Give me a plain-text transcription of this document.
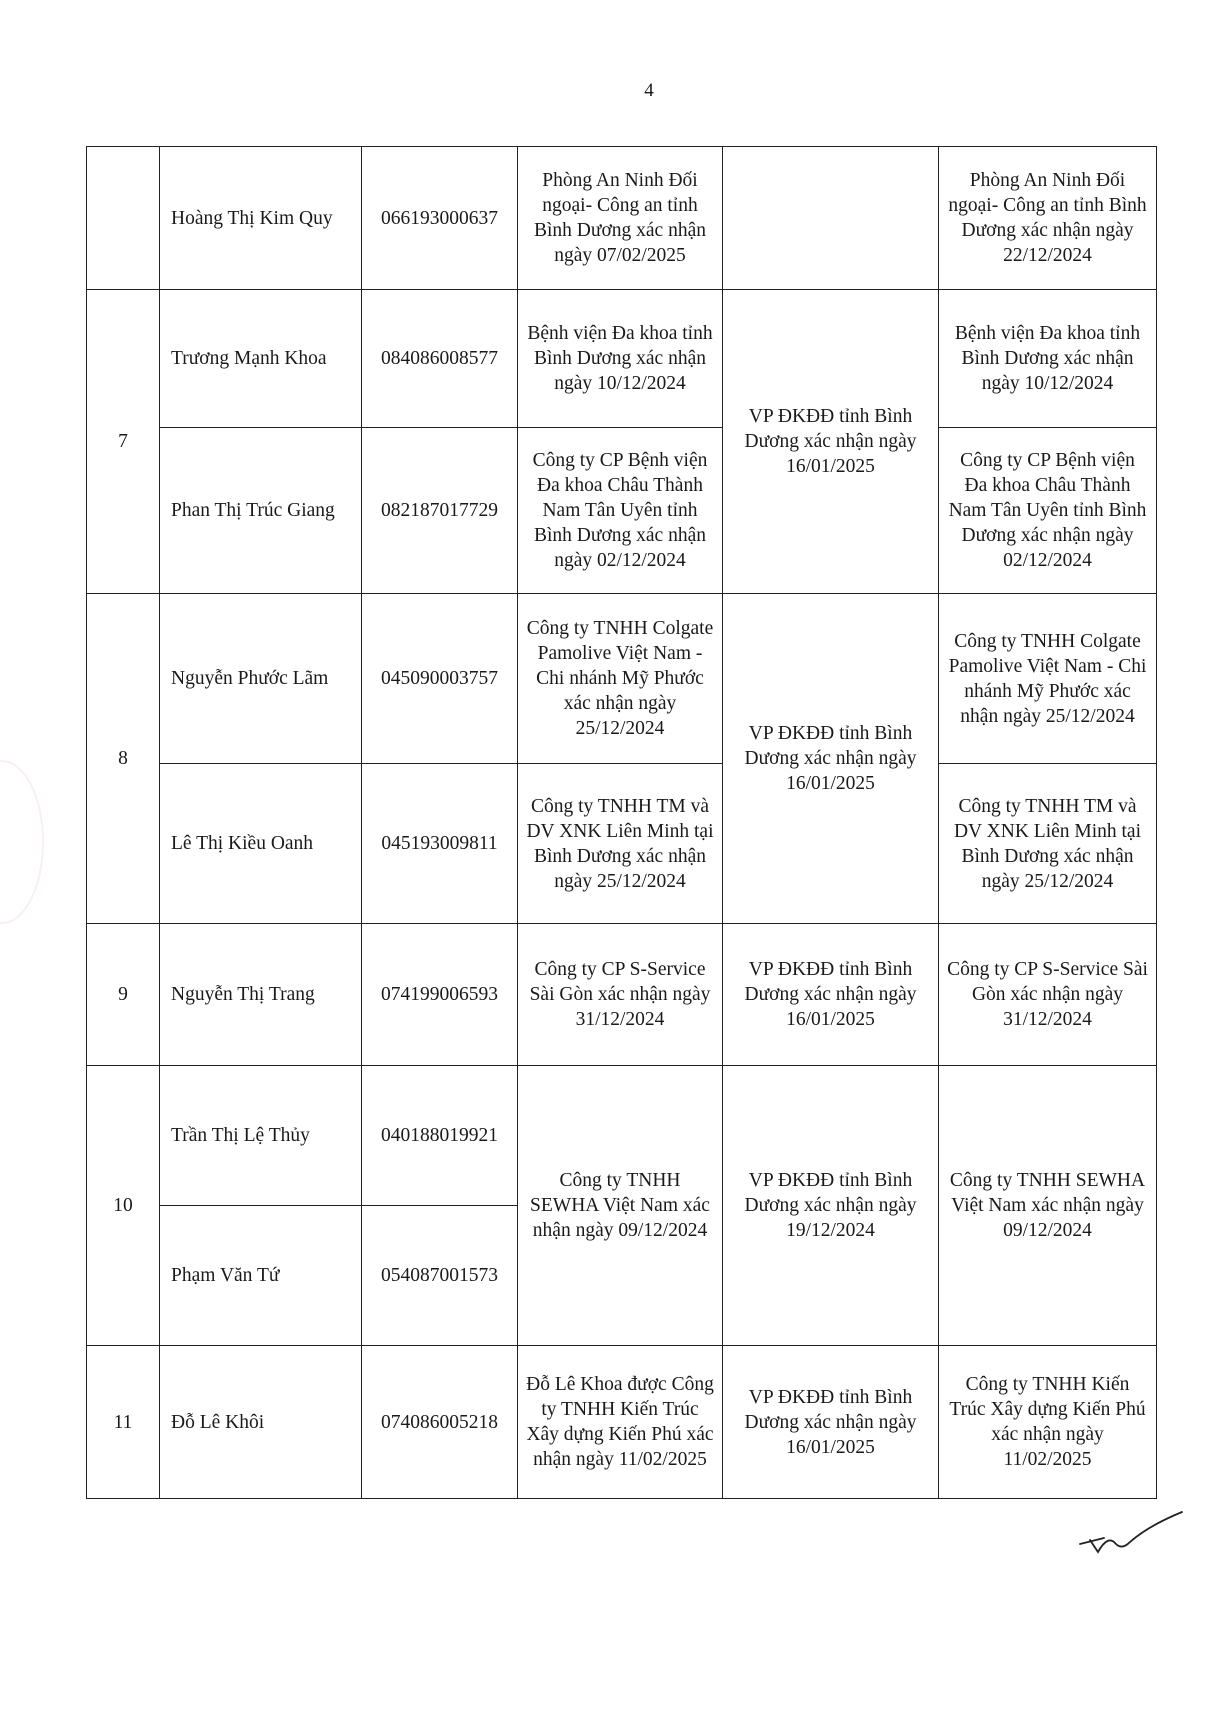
4
	Hoàng Thị Kim Quy	066193000637	Phòng An Ninh Đối ngoại- Công an tỉnh Bình Dương xác nhận ngày 07/02/2025		Phòng An Ninh Đối ngoại- Công an tỉnh Bình Dương xác nhận ngày 22/12/2024
7	Trương Mạnh Khoa	084086008577	Bệnh viện Đa khoa tỉnh Bình Dương xác nhận ngày 10/12/2024	VP ĐKĐĐ tỉnh Bình Dương xác nhận ngày 16/01/2025	Bệnh viện Đa khoa tỉnh Bình Dương xác nhận ngày 10/12/2024
	Phan Thị Trúc Giang	082187017729	Công ty CP Bệnh viện Đa khoa Châu Thành Nam Tân Uyên tỉnh Bình Dương xác nhận ngày 02/12/2024		Công ty CP Bệnh viện Đa khoa Châu Thành Nam Tân Uyên tỉnh Bình Dương xác nhận ngày 02/12/2024
8	Nguyễn Phước Lãm	045090003757	Công ty TNHH Colgate Pamolive Việt Nam - Chi nhánh Mỹ Phước xác nhận ngày 25/12/2024	VP ĐKĐĐ tỉnh Bình Dương xác nhận ngày 16/01/2025	Công ty TNHH Colgate Pamolive Việt Nam - Chi nhánh Mỹ Phước xác nhận ngày 25/12/2024
	Lê Thị Kiều Oanh	045193009811	Công ty TNHH TM và DV XNK Liên Minh tại Bình Dương xác nhận ngày 25/12/2024		Công ty TNHH TM và DV XNK Liên Minh tại Bình Dương xác nhận ngày 25/12/2024
9	Nguyễn Thị Trang	074199006593	Công ty CP S-Service Sài Gòn xác nhận ngày 31/12/2024	VP ĐKĐĐ tỉnh Bình Dương xác nhận ngày 16/01/2025	Công ty CP S-Service Sài Gòn xác nhận ngày 31/12/2024
10	Trần Thị Lệ Thủy	040188019921	Công ty TNHH SEWHA Việt Nam xác nhận ngày 09/12/2024	VP ĐKĐĐ tỉnh Bình Dương xác nhận ngày 19/12/2024	Công ty TNHH SEWHA Việt Nam xác nhận ngày 09/12/2024
	Phạm Văn Tứ	054087001573			
11	Đỗ Lê Khôi	074086005218	Đỗ Lê Khoa được Công ty TNHH Kiến Trúc Xây dựng Kiến Phú xác nhận ngày 11/02/2025	VP ĐKĐĐ tỉnh Bình Dương xác nhận ngày 16/01/2025	Công ty TNHH Kiến Trúc Xây dựng Kiến Phú xác nhận ngày 11/02/2025
